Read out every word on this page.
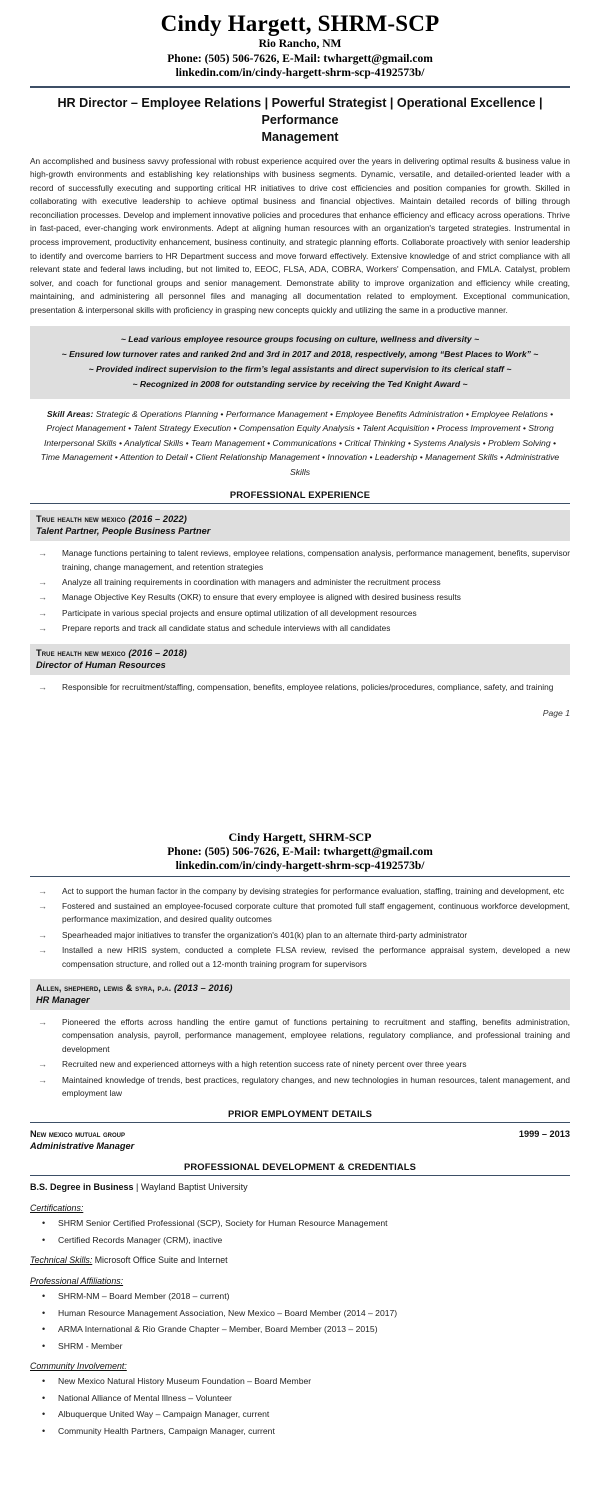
Cindy Hargett, SHRM-SCP
Rio Rancho, NM
Phone: (505) 506-7626, E-Mail: twhargett@gmail.com
linkedin.com/in/cindy-hargett-shrm-scp-4192573b/
HR Director – Employee Relations | Powerful Strategist | Operational Excellence | Performance
Management

An accomplished and business savvy professional with robust experience acquired over the years in delivering optimal results & business value in high-growth environments and establishing key relationships with business segments. Dynamic, versatile, and detailed-oriented leader with a record of successfully executing and supporting critical HR initiatives to drive cost efficiencies and position companies for growth. Skilled in collaborating with executive leadership to achieve optimal business and financial objectives. Maintain detailed records of billing through reconciliation processes. Develop and implement innovative policies and procedures that enhance efficiency and efficacy across operations. Thrive in fast-paced, ever-changing work environments. Adept at aligning human resources with an organization's targeted strategies. Instrumental in process improvement, productivity enhancement, business continuity, and strategic planning efforts. Collaborate proactively with senior leadership to identify and overcome barriers to HR Department success and move forward effectively. Extensive knowledge of and strict compliance with all relevant state and federal laws including, but not limited to, EEOC, FLSA, ADA, COBRA, Workers' Compensation, and FMLA. Catalyst, problem solver, and coach for functional groups and senior management. Demonstrate ability to improve organization and efficiency while creating, maintaining, and administering all personnel files and managing all documentation related to employment. Exceptional communication, presentation & interpersonal skills with proficiency in grasping new concepts quickly and utilizing the same in a productive manner.

~ Lead various employee resource groups focusing on culture, wellness and diversity ~

~ Ensured low turnover rates and ranked 2nd and 3rd in 2017 and 2018, respectively, among “Best Places to Work” ~

~ Provided indirect supervision to the firm’s legal assistants and direct supervision to its clerical staff ~

~ Recognized in 2008 for outstanding service by receiving the Ted Knight Award ~

Skill Areas: Strategic & Operations Planning • Performance Management • Employee Benefits Administration • Employee Relations • Project Management • Talent Strategy Execution • Compensation Equity Analysis • Talent Acquisition • Process Improvement • Strong Interpersonal Skills • Analytical Skills • Team Management • Communications • Critical Thinking • Systems Analysis • Problem Solving • Time Management • Attention to Detail • Client Relationship Management • Innovation • Leadership • Management Skills • Administrative Skills
PROFESSIONAL EXPERIENCE
True health new mexico (2016 – 2022)
Talent Partner, People Business Partner
→ Manage functions pertaining to talent reviews, employee relations, compensation analysis, performance management, benefits, supervisor training, change management, and retention strategies
→ Analyze all training requirements in coordination with managers and administer the recruitment process
→ Manage Objective Key Results (OKR) to ensure that every employee is aligned with desired business results
→ Participate in various special projects and ensure optimal utilization of all development resources
→ Prepare reports and track all candidate status and schedule interviews with all candidates
True health new mexico (2016 – 2018)
Director of Human Resources
→ Responsible for recruitment/staffing, compensation, benefits, employee relations, policies/procedures, compliance, safety, and training
Page 1
Cindy Hargett, SHRM-SCP
Phone: (505) 506-7626, E-Mail: twhargett@gmail.com
linkedin.com/in/cindy-hargett-shrm-scp-4192573b/
→ Act to support the human factor in the company by devising strategies for performance evaluation, staffing, training and development, etc
→ Fostered and sustained an employee-focused corporate culture that promoted full staff engagement, continuous workforce development, performance maximization, and desired quality outcomes
→ Spearheaded major initiatives to transfer the organization's 401(k) plan to an alternate third-party administrator
→ Installed a new HRIS system, conducted a complete FLSA review, revised the performance appraisal system, developed a new compensation structure, and rolled out a 12-month training program for supervisors
Allen, shepherd, lewis & syra, p.a. (2013 – 2016)
HR Manager
→ Pioneered the efforts across handling the entire gamut of functions pertaining to recruitment and staffing, benefits administration, compensation analysis, payroll, performance management, employee relations, regulatory compliance, and professional training and development
→ Recruited new and experienced attorneys with a high retention success rate of ninety percent over three years
→ Maintained knowledge of trends, best practices, regulatory changes, and new technologies in human resources, talent management, and employment law
PRIOR EMPLOYMENT DETAILS
New mexico mutual group	1999 – 2013
Administrative Manager
PROFESSIONAL DEVELOPMENT & CREDENTIALS
B.S. Degree in Business | Wayland Baptist University
Certifications:
• SHRM Senior Certified Professional (SCP), Society for Human Resource Management
• Certified Records Manager (CRM), inactive
Technical Skills: Microsoft Office Suite and Internet
Professional Affiliations:
• SHRM-NM – Board Member (2018 – current)
• Human Resource Management Association, New Mexico – Board Member (2014 – 2017)
• ARMA International & Rio Grande Chapter – Member, Board Member (2013 – 2015)
• SHRM - Member
Community Involvement:
• New Mexico Natural History Museum Foundation – Board Member
• National Alliance of Mental Illness – Volunteer
• Albuquerque United Way – Campaign Manager, current
• Community Health Partners, Campaign Manager, current
